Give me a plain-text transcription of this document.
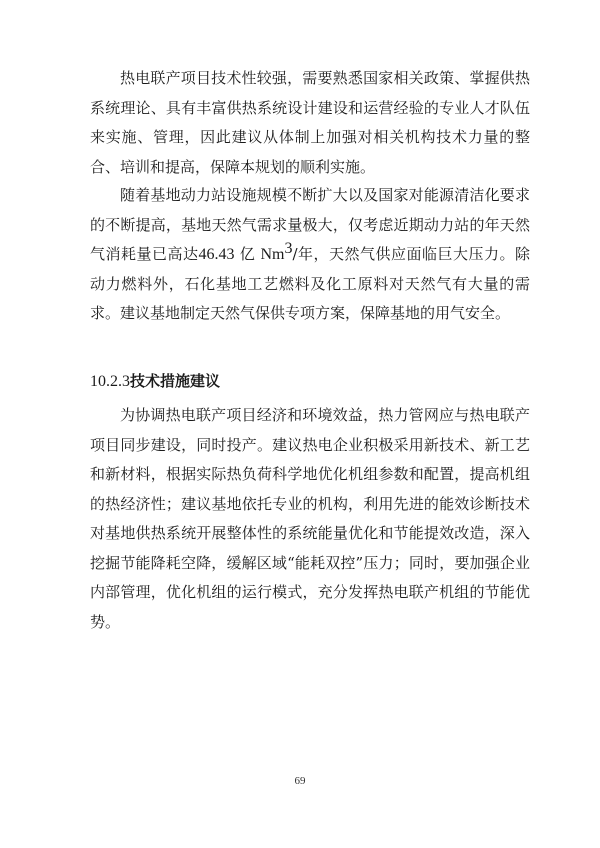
热电联产项目技术性较强，需要熟悉国家相关政策、掌握供热系统理论、具有丰富供热系统设计建设和运营经验的专业人才队伍来实施、管理，因此建议从体制上加强对相关机构技术力量的整合、培训和提高，保障本规划的顺利实施。

随着基地动力站设施规模不断扩大以及国家对能源清洁化要求的不断提高，基地天然气需求量极大，仅考虑近期动力站的年天然气消耗量已高达46.43 亿 Nm$^3$/年，天然气供应面临巨大压力。除动力燃料外，石化基地工艺燃料及化工原料对天然气有大量的需求。建议基地制定天然气保供专项方案，保障基地的用气安全。

10.2.3技术措施建议

为协调热电联产项目经济和环境效益，热力管网应与热电联产项目同步建设，同时投产。建议热电企业积极采用新技术、新工艺和新材料，根据实际热负荷科学地优化机组参数和配置，提高机组的热经济性；建议基地依托专业的机构，利用先进的能效诊断技术对基地供热系统开展整体性的系统能量优化和节能提效改造，深入挖掘节能降耗空降，缓解区域“能耗双控”压力；同时，要加强企业内部管理，优化机组的运行模式，充分发挥热电联产机组的节能优势。

69
